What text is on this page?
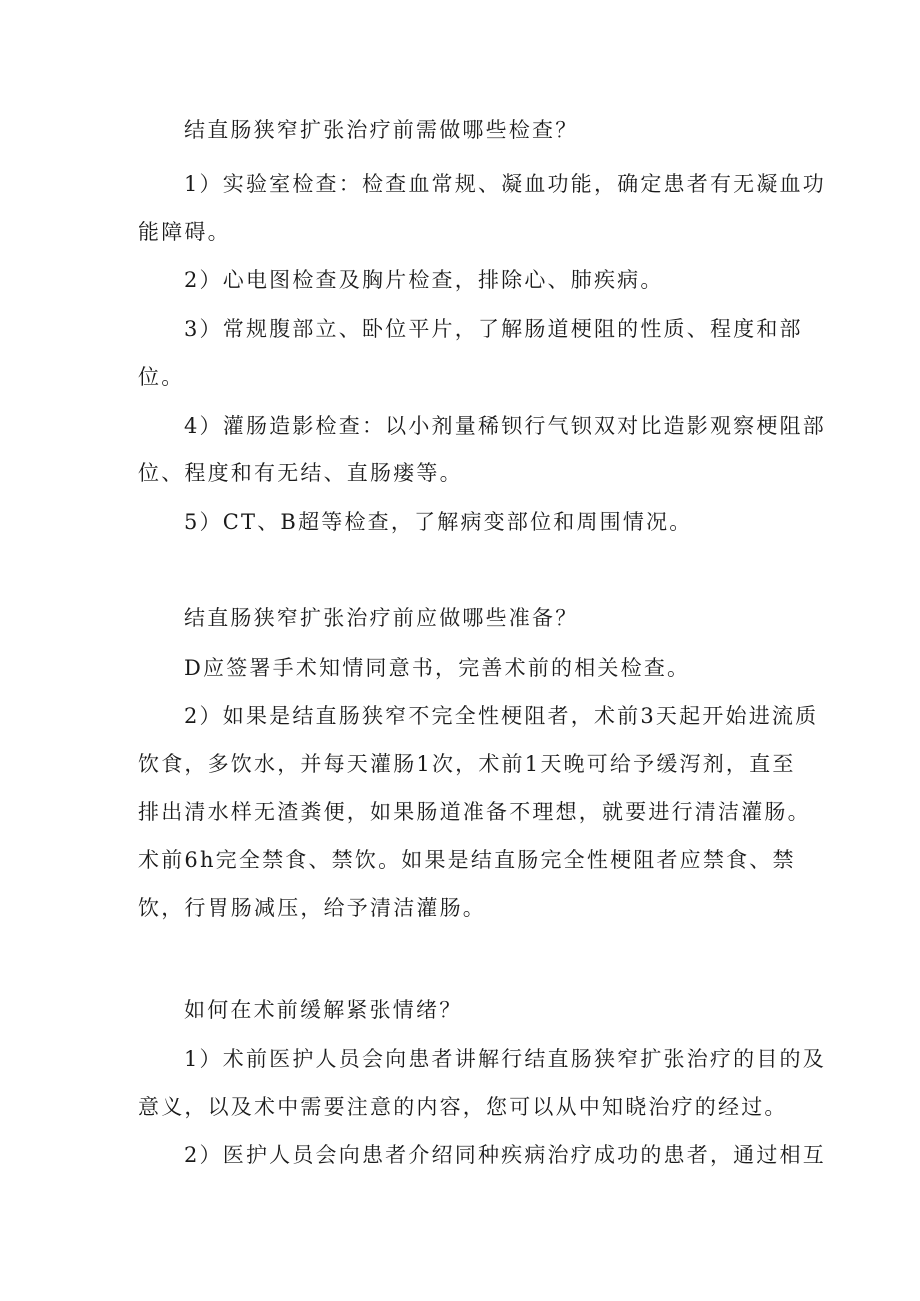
结直肠狭窄扩张治疗前需做哪些检查？
1）实验室检查：检查血常规、凝血功能，确定患者有无凝血功
能障碍。
2）心电图检查及胸片检查，排除心、肺疾病。
3）常规腹部立、卧位平片，了解肠道梗阻的性质、程度和部
位。
4）灌肠造影检查：以小剂量稀钡行气钡双对比造影观察梗阻部
位、程度和有无结、直肠瘘等。
5）CT、B超等检查，了解病变部位和周围情况。
结直肠狭窄扩张治疗前应做哪些准备？
D应签署手术知情同意书，完善术前的相关检查。
2）如果是结直肠狭窄不完全性梗阻者，术前3天起开始进流质
饮食，多饮水，并每天灌肠1次，术前1天晚可给予缓泻剂，直至
排出清水样无渣粪便，如果肠道准备不理想，就要进行清洁灌肠。
术前6h完全禁食、禁饮。如果是结直肠完全性梗阻者应禁食、禁
饮，行胃肠减压，给予清洁灌肠。
如何在术前缓解紧张情绪？
1）术前医护人员会向患者讲解行结直肠狭窄扩张治疗的目的及
意义，以及术中需要注意的内容，您可以从中知晓治疗的经过。
2）医护人员会向患者介绍同种疾病治疗成功的患者，通过相互
